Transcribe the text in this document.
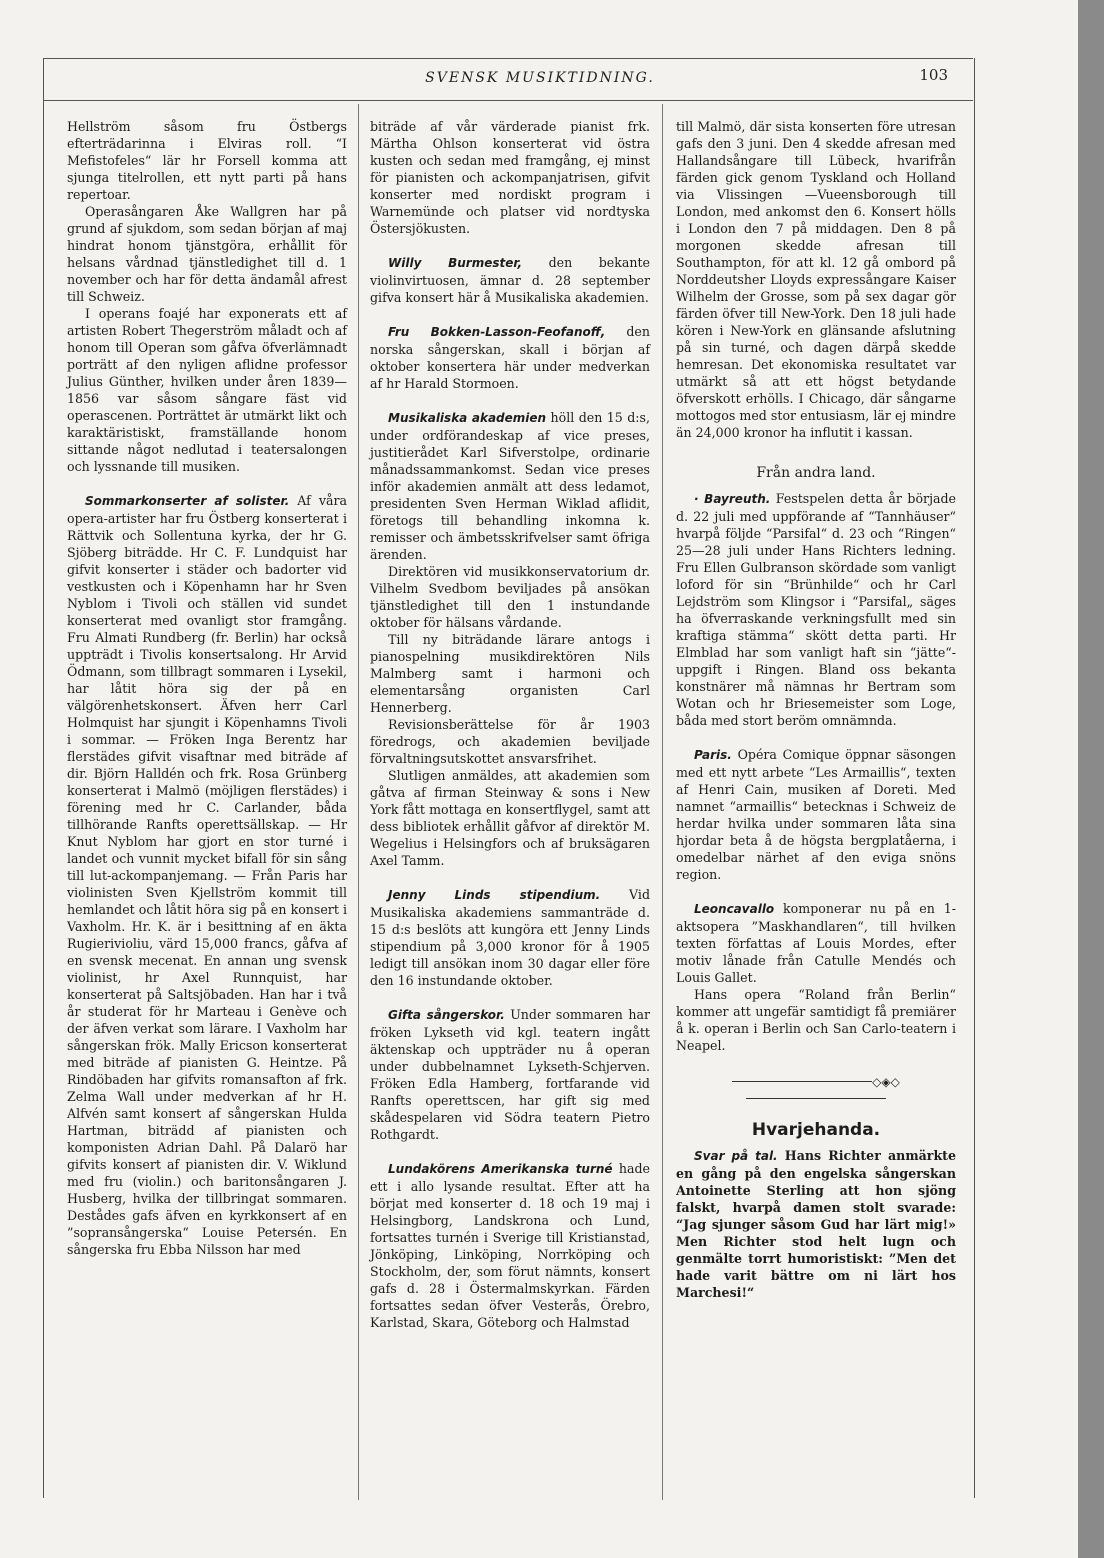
SVENSK MUSIKTIDNING.	103

Hellström såsom fru Östbergs efterträdarinna i Elviras roll. “I Mefistofeles“ lär hr Forsell komma att sjunga titelrollen, ett nytt parti på hans repertoar.

Operasångaren Åke Wallgren har på grund af sjukdom, som sedan början af maj hindrat honom tjänstgöra, erhållit för helsans vårdnad tjänstledighet till d. 1 november och har för detta ändamål afrest till Schweiz.

I operans foajé har exponerats ett af artisten Robert Thegerström måladt och af honom till Operan som gåfva öfverlämnadt porträtt af den nyligen aflidne professor Julius Günther, hvilken under åren 1839—1856 var såsom sångare fäst vid operascenen. Porträttet är utmärkt likt och karaktäristiskt, framställande honom sittande något nedlutad i teatersalongen och lyssnande till musiken.

Sommarkonserter af solister. Af våra opera-artister har fru Östberg konserterat i Rättvik och Sollentuna kyrka, der hr G. Sjöberg biträdde. Hr C. F. Lundquist har gifvit konserter i städer och badorter vid vestkusten och i Köpenhamn har hr Sven Nyblom i Tivoli och ställen vid sundet konserterat med ovanligt stor framgång. Fru Almati Rundberg (fr. Berlin) har också uppträdt i Tivolis konsertsalong. Hr Arvid Ödmann, som tillbragt sommaren i Lysekil, har låtit höra sig der på en välgörenhetskonsert. Äfven herr Carl Holmquist har sjungit i Köpenhamns Tivoli i sommar. — Fröken Inga Berentz har flerstädes gifvit visaftnar med biträde af dir. Björn Halldén och frk. Rosa Grünberg konserterat i Malmö (möjligen flerstädes) i förening med hr C. Carlander, båda tillhörande Ranfts operettsällskap. — Hr Knut Nyblom har gjort en stor turné i landet och vunnit mycket bifall för sin sång till lut-ackompanjemang. — Från Paris har violinisten Sven Kjellström kommit till hemlandet och låtit höra sig på en konsert i Vaxholm. Hr. K. är i besittning af en äkta Rugierivioliu, värd 15,000 francs, gåfva af en svensk mecenat. En annan ung svensk violinist, hr Axel Runnquist, har konserterat på Saltsjöbaden. Han har i två år studerat för hr Marteau i Genève och der äfven verkat som lärare. I Vaxholm har sångerskan frök. Mally Ericson konserterat med biträde af pianisten G. Heintze. På Rindöbaden har gifvits romansafton af frk. Zelma Wall under medverkan af hr H. Alfvén samt konsert af sångerskan Hulda Hartman, biträdd af pianisten och komponisten Adrian Dahl. På Dalarö har gifvits konsert af pianisten dir. V. Wiklund med fru (violin.) och baritonsångaren J. Husberg, hvilka der tillbringat sommaren. Destådes gafs äfven en kyrkkonsert af en ”sopransångerska“ Louise Petersén. En sångerska fru Ebba Nilsson har med

biträde af vår värderade pianist frk. Märtha Ohlson konserterat vid östra kusten och sedan med framgång, ej minst för pianisten och ackompanjatrisen, gifvit konserter med nordiskt program i Warnemünde och platser vid nordtyska Östersjökusten.

Willy Burmester, den bekante violinvirtuosen, ämnar d. 28 september gifva konsert här å Musikaliska akademien.

Fru Bokken-Lasson-Feofanoff, den norska sångerskan, skall i början af oktober konsertera här under medverkan af hr Harald Stormoen.

Musikaliska akademien höll den 15 d:s, under ordförandeskap af vice preses, justitierådet Karl Sifverstolpe, ordinarie månadssammankomst. Sedan vice preses inför akademien anmält att dess ledamot, presidenten Sven Herman Wiklad aflidit, företogs till behandling inkomna k. remisser och ämbetsskrifvelser samt öfriga ärenden.

Direktören vid musikkonservatorium dr. Vilhelm Svedbom beviljades på ansökan tjänstledighet till den 1 instundande oktober för hälsans vårdande.

Till ny biträdande lärare antogs i pianospelning musikdirektören Nils Malmberg samt i harmoni och elementarsång organisten Carl Hennerberg.

Revisionsberättelse för år 1903 föredrogs, och akademien beviljade förvaltningsutskottet ansvarsfrihet.

Slutligen anmäldes, att akademien som gåtva af firman Steinway & sons i New York fått mottaga en konsertflygel, samt att dess bibliotek erhållit gåfvor af direktör M. Wegelius i Helsingfors och af bruksägaren Axel Tamm.

Jenny Linds stipendium. Vid Musikaliska akademiens sammanträde d. 15 d:s beslöts att kungöra ett Jenny Linds stipendium på 3,000 kronor för å 1905 ledigt till ansökan inom 30 dagar eller före den 16 instundande oktober.

Gifta sångerskor. Under sommaren har fröken Lykseth vid kgl. teatern ingått äktenskap och uppträder nu å operan under dubbelnamnet Lykseth-Schjerven. Fröken Edla Hamberg, fortfarande vid Ranfts operettscen, har gift sig med skådespelaren vid Södra teatern Pietro Rothgardt.

Lundakörens Amerikanska turné hade ett i allo lysande resultat. Efter att ha börjat med konserter d. 18 och 19 maj i Helsingborg, Landskrona och Lund, fortsattes turnén i Sverige till Kristianstad, Jönköping, Linköping, Norrköping och Stockholm, der, som förut nämnts, konsert gafs d. 28 i Östermalmskyrkan. Färden fortsattes sedan öfver Vesterås, Örebro, Karlstad, Skara, Göteborg och Halmstad

till Malmö, där sista konserten före utresan gafs den 3 juni. Den 4 skedde afresan med Hallandsångare till Lübeck, hvarifrån färden gick genom Tyskland och Holland via Vlissingen —Vueensborough till London, med ankomst den 6. Konsert hölls i London den 7 på middagen. Den 8 på morgonen skedde afresan till Southampton, för att kl. 12 gå ombord på Norddeutsher Lloyds expressångare Kaiser Wilhelm der Grosse, som på sex dagar gör färden öfver till New-York. Den 18 juli hade kören i New-York en glänsande afslutning på sin turné, och dagen därpå skedde hemresan. Det ekonomiska resultatet var utmärkt så att ett högst betydande öfverskott erhölls. I Chicago, där sångarne mottogos med stor entusiasm, lär ej mindre än 24,000 kronor ha influtit i kassan.

Från andra land.

· Bayreuth. Festspelen detta år började d. 22 juli med uppförande af “Tannhäuser“ hvarpå följde “Parsifal“ d. 23 och “Ringen“ 25—28 juli under Hans Richters ledning. Fru Ellen Gulbranson skördade som vanligt loford för sin “Brünhilde“ och hr Carl Lejdström som Klingsor i “Parsifal„ säges ha öfverraskande verkningsfullt med sin kraftiga stämma“ skött detta parti. Hr Elmblad har som vanligt haft sin “jätte“-uppgift i Ringen. Bland oss bekanta konstnärer må nämnas hr Bertram som Wotan och hr Briesemeister som Loge, båda med stort beröm omnämnda.

Paris. Opéra Comique öppnar säsongen med ett nytt arbete “Les Armaillis“, texten af Henri Cain, musiken af Doreti. Med namnet “armaillis“ betecknas i Schweiz de herdar hvilka under sommaren låta sina hjordar beta å de högsta bergplatåerna, i omedelbar närhet af den eviga snöns region.

Leoncavallo komponerar nu på en 1-aktsopera ”Maskhandlaren“, till hvilken texten författas af Louis Mordes, efter motiv lånade från Catulle Mendés och Louis Gallet.

Hans opera “Roland från Berlin“ kommer att ungefär samtidigt få premiärer å k. operan i Berlin och San Carlo-teatern i Neapel.

◇◈◇
Hvarjehanda.

Svar på tal. Hans Richter anmärkte en gång på den engelska sångerskan Antoinette Sterling att hon sjöng falskt, hvarpå damen stolt svarade: “Jag sjunger såsom Gud har lärt mig!» Men Richter stod helt lugn och genmälte torrt humoristiskt: ”Men det hade varit bättre om ni lärt hos Marchesi!“
